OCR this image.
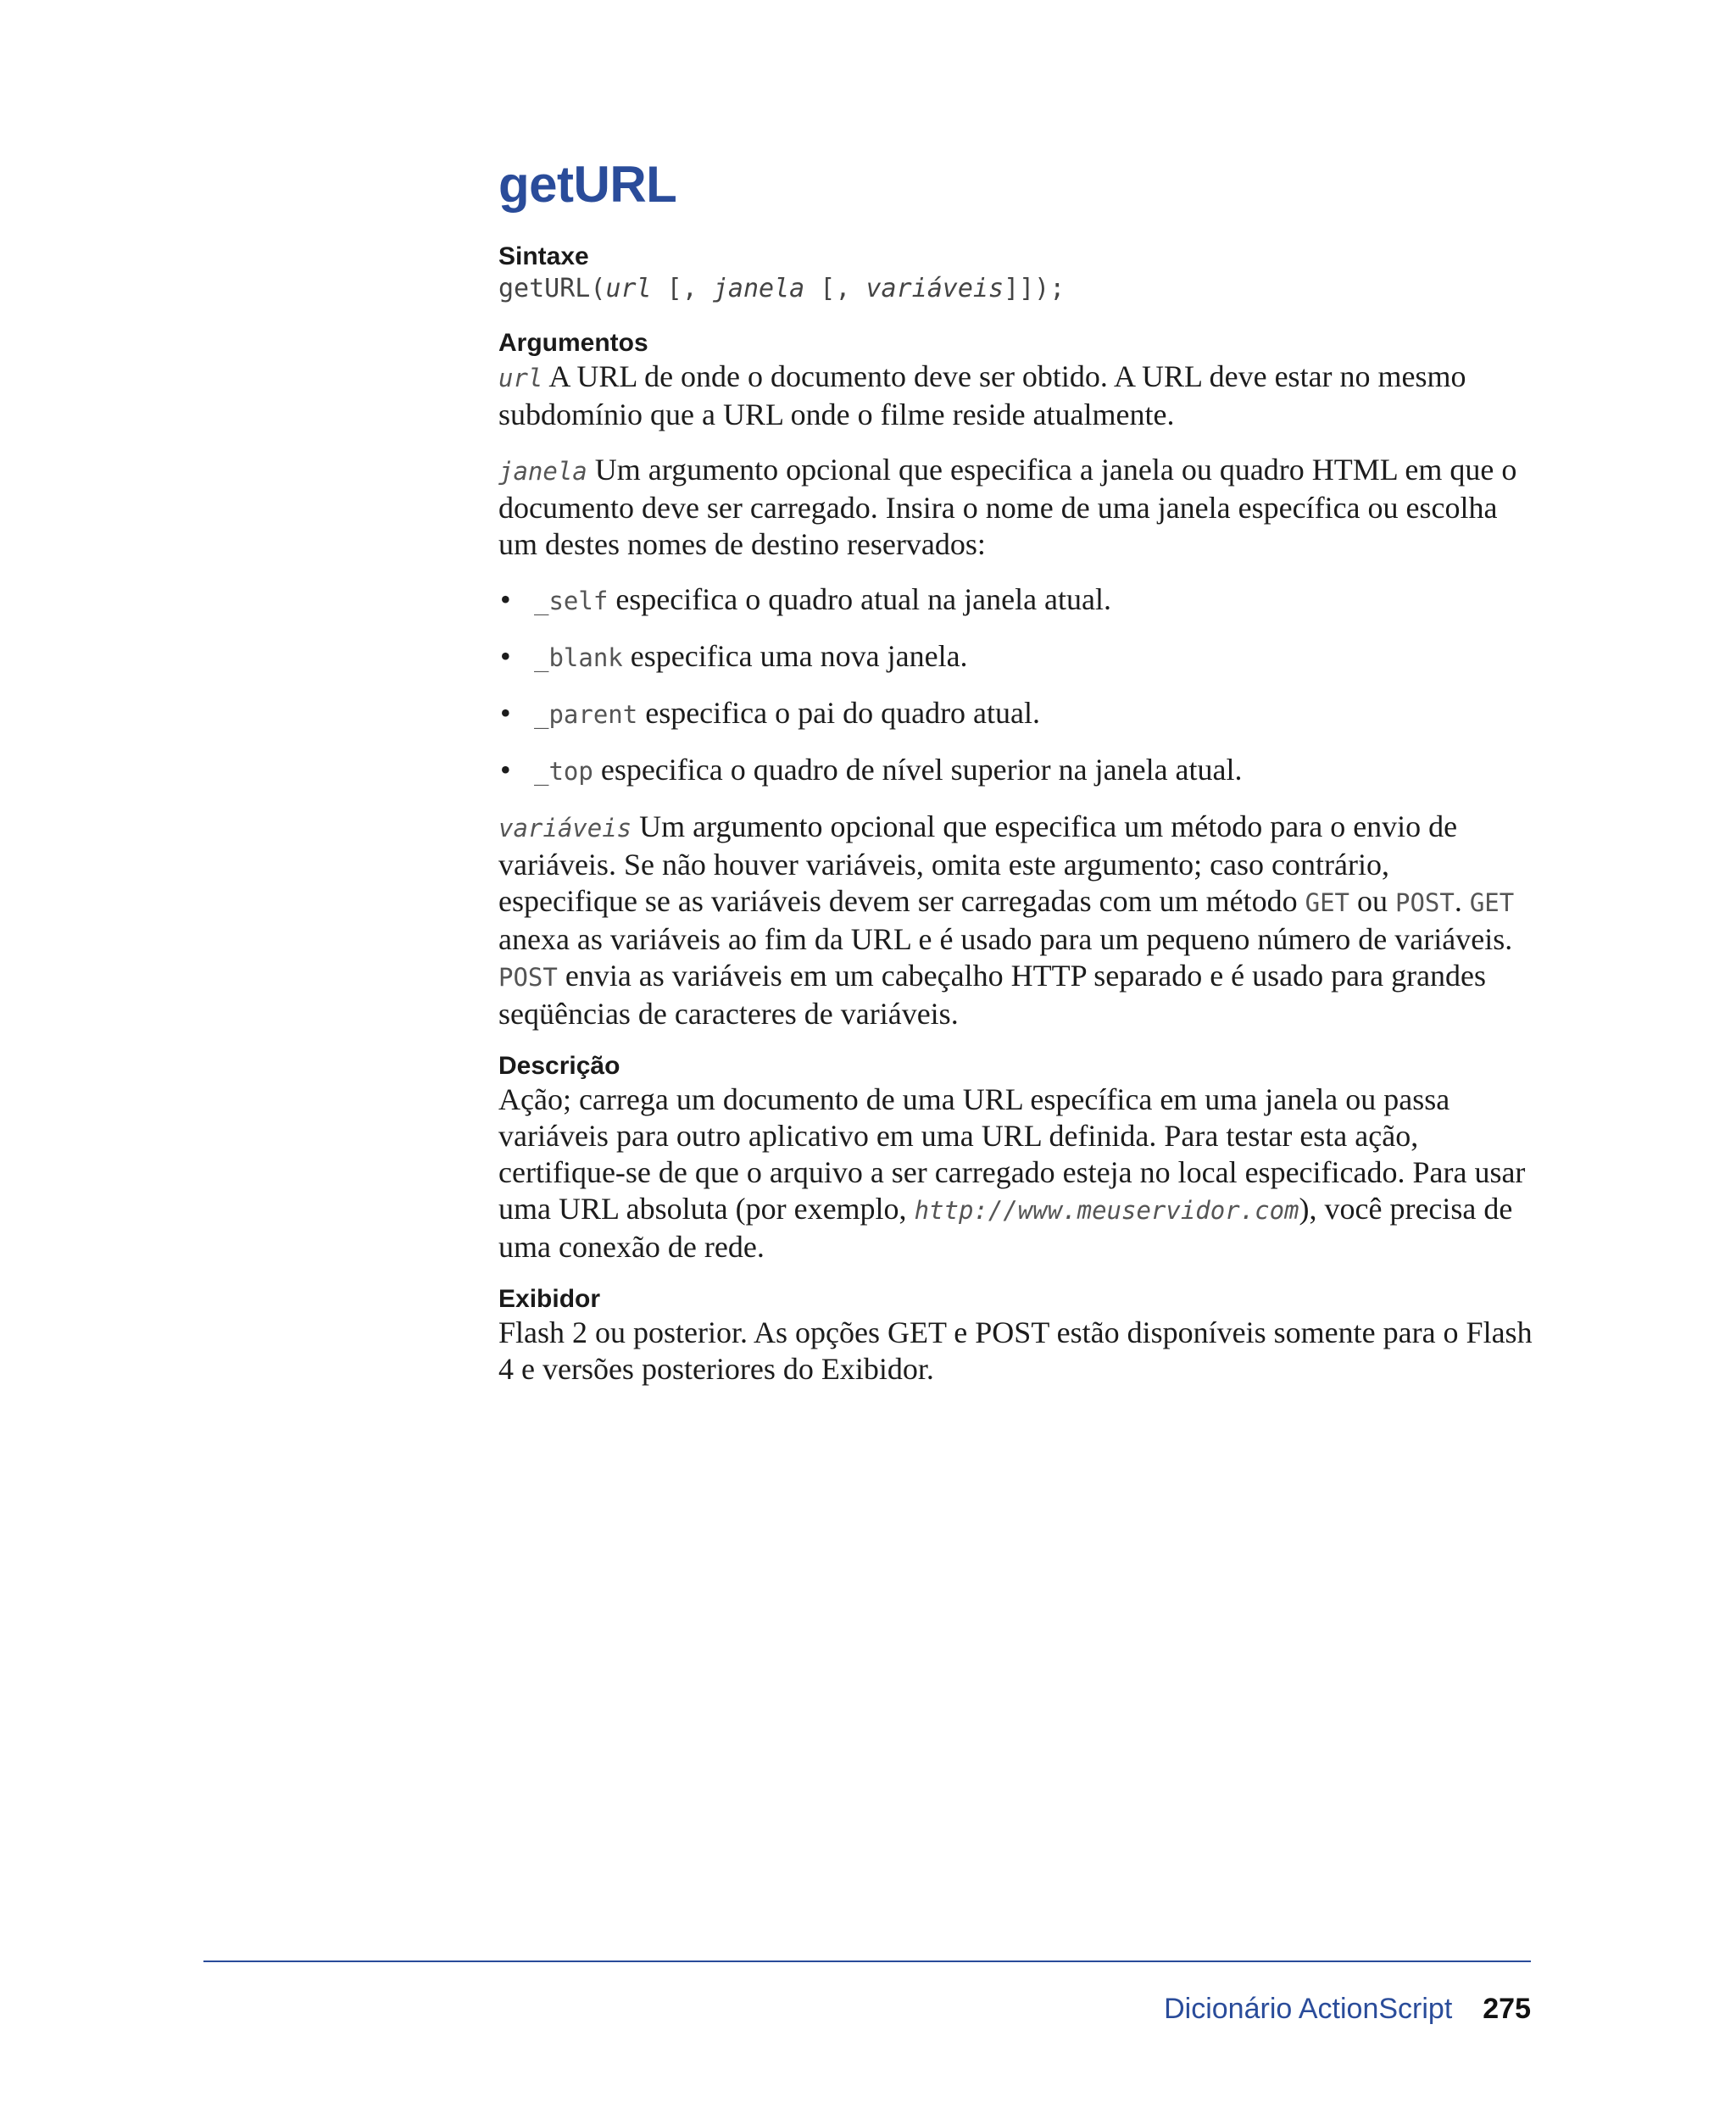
getURL
Sintaxe
getURL(url [, janela [, variáveis]]);
Argumentos

url A URL de onde o documento deve ser obtido. A URL deve estar no mesmo subdomínio que a URL onde o filme reside atualmente.

janela Um argumento opcional que especifica a janela ou quadro HTML em que o documento deve ser carregado. Insira o nome de uma janela específica ou escolha um destes nomes de destino reservados:

• _self especifica o quadro atual na janela atual.
• _blank especifica uma nova janela.
• _parent especifica o pai do quadro atual.
• _top especifica o quadro de nível superior na janela atual.

variáveis Um argumento opcional que especifica um método para o envio de variáveis. Se não houver variáveis, omita este argumento; caso contrário, especifique se as variáveis devem ser carregadas com um método GET ou POST. GET anexa as variáveis ao fim da URL e é usado para um pequeno número de variáveis. POST envia as variáveis em um cabeçalho HTTP separado e é usado para grandes seqüências de caracteres de variáveis.

Descrição

Ação; carrega um documento de uma URL específica em uma janela ou passa variáveis para outro aplicativo em uma URL definida. Para testar esta ação, certifique-se de que o arquivo a ser carregado esteja no local especificado. Para usar uma URL absoluta (por exemplo, http://www.meuservidor.com), você precisa de uma conexão de rede.

Exibidor

Flash 2 ou posterior. As opções GET e POST estão disponíveis somente para o Flash 4 e versões posteriores do Exibidor.

Dicionário ActionScript 275
